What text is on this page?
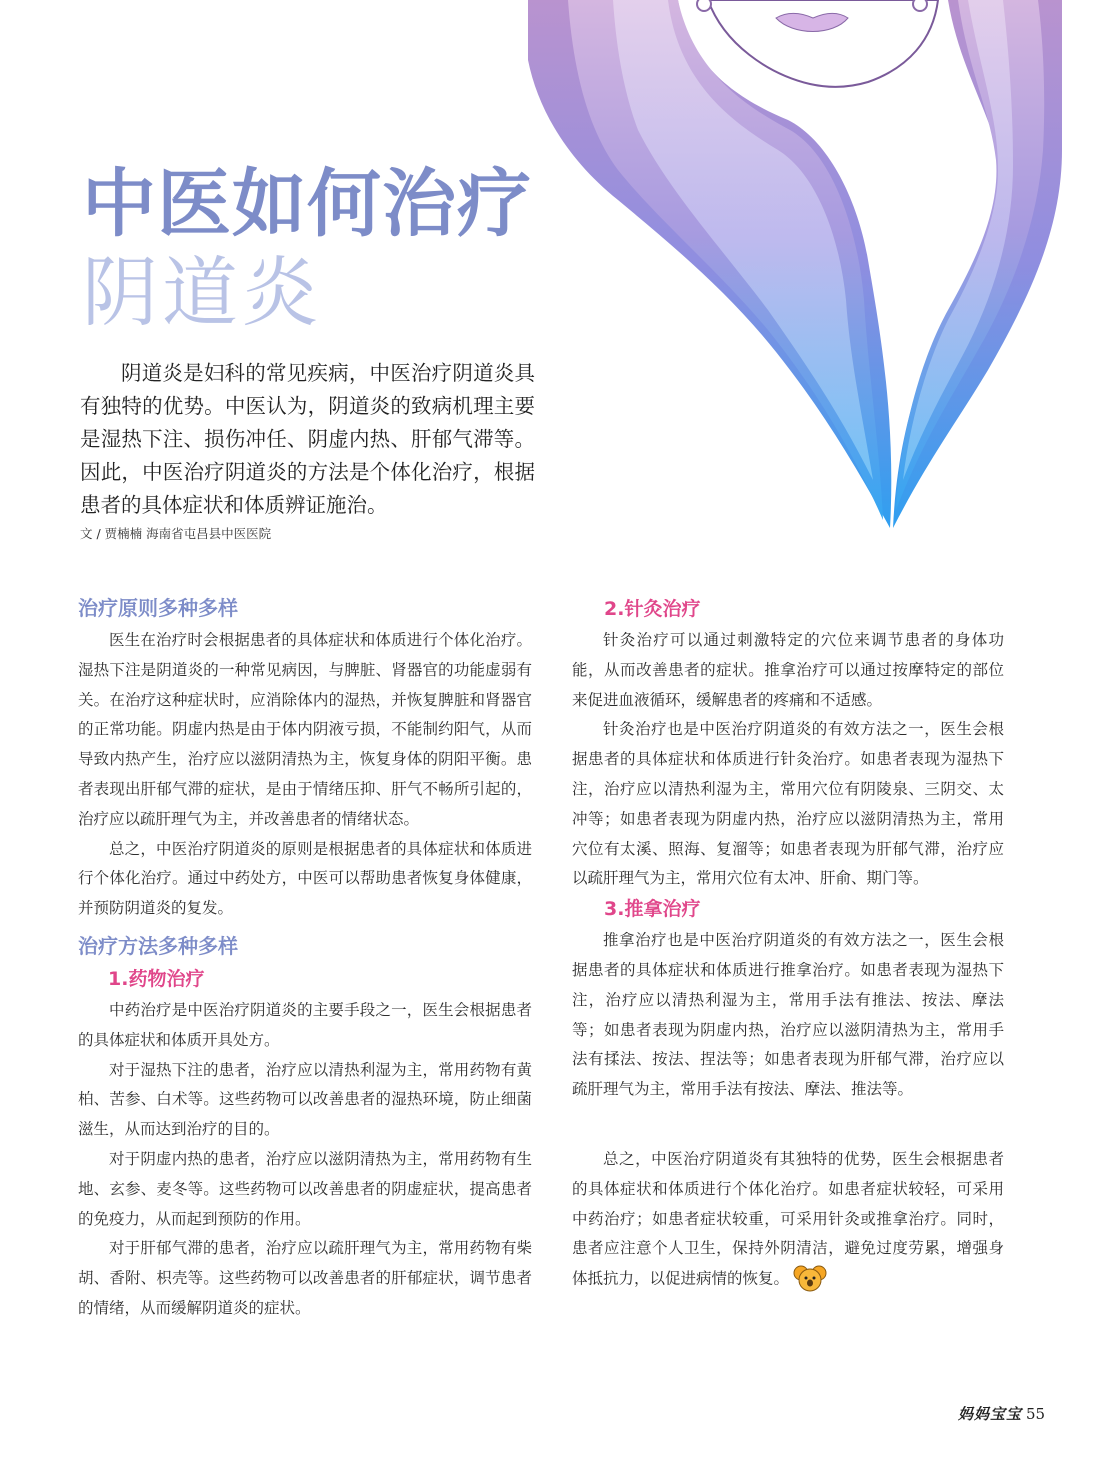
中医如何治疗
阴道炎

阴道炎是妇科的常见疾病，中医治疗阴道炎具有独特的优势。中医认为，阴道炎的致病机理主要是湿热下注、损伤冲任、阴虚内热、肝郁气滞等。因此，中医治疗阴道炎的方法是个体化治疗，根据患者的具体症状和体质辨证施治。

文 / 贾楠楠 海南省屯昌县中医医院

治疗原则多种多样

医生在治疗时会根据患者的具体症状和体质进行个体化治疗。湿热下注是阴道炎的一种常见病因，与脾脏、肾器官的功能虚弱有关。在治疗这种症状时，应消除体内的湿热，并恢复脾脏和肾器官的正常功能。阴虚内热是由于体内阴液亏损，不能制约阳气，从而导致内热产生，治疗应以滋阴清热为主，恢复身体的阴阳平衡。患者表现出肝郁气滞的症状，是由于情绪压抑、肝气不畅所引起的，治疗应以疏肝理气为主，并改善患者的情绪状态。

总之，中医治疗阴道炎的原则是根据患者的具体症状和体质进行个体化治疗。通过中药处方，中医可以帮助患者恢复身体健康，并预防阴道炎的复发。

治疗方法多种多样
1.药物治疗

中药治疗是中医治疗阴道炎的主要手段之一，医生会根据患者的具体症状和体质开具处方。

对于湿热下注的患者，治疗应以清热利湿为主，常用药物有黄柏、苦参、白术等。这些药物可以改善患者的湿热环境，防止细菌滋生，从而达到治疗的目的。

对于阴虚内热的患者，治疗应以滋阴清热为主，常用药物有生地、玄参、麦冬等。这些药物可以改善患者的阴虚症状，提高患者的免疫力，从而起到预防的作用。

对于肝郁气滞的患者，治疗应以疏肝理气为主，常用药物有柴胡、香附、枳壳等。这些药物可以改善患者的肝郁症状，调节患者的情绪，从而缓解阴道炎的症状。

2.针灸治疗

针灸治疗可以通过刺激特定的穴位来调节患者的身体功能，从而改善患者的症状。推拿治疗可以通过按摩特定的部位来促进血液循环，缓解患者的疼痛和不适感。

针灸治疗也是中医治疗阴道炎的有效方法之一，医生会根据患者的具体症状和体质进行针灸治疗。如患者表现为湿热下注，治疗应以清热利湿为主，常用穴位有阴陵泉、三阴交、太冲等；如患者表现为阴虚内热，治疗应以滋阴清热为主，常用穴位有太溪、照海、复溜等；如患者表现为肝郁气滞，治疗应以疏肝理气为主，常用穴位有太冲、肝俞、期门等。

3.推拿治疗

推拿治疗也是中医治疗阴道炎的有效方法之一，医生会根据患者的具体症状和体质进行推拿治疗。如患者表现为湿热下注，治疗应以清热利湿为主，常用手法有推法、按法、摩法等；如患者表现为阴虚内热，治疗应以滋阴清热为主，常用手法有揉法、按法、捏法等；如患者表现为肝郁气滞，治疗应以疏肝理气为主，常用手法有按法、摩法、推法等。

总之，中医治疗阴道炎有其独特的优势，医生会根据患者的具体症状和体质进行个体化治疗。如患者症状较轻，可采用中药治疗；如患者症状较重，可采用针灸或推拿治疗。同时，患者应注意个人卫生，保持外阴清洁，避免过度劳累，增强身体抵抗力，以促进病情的恢复。

妈妈宝宝 55
